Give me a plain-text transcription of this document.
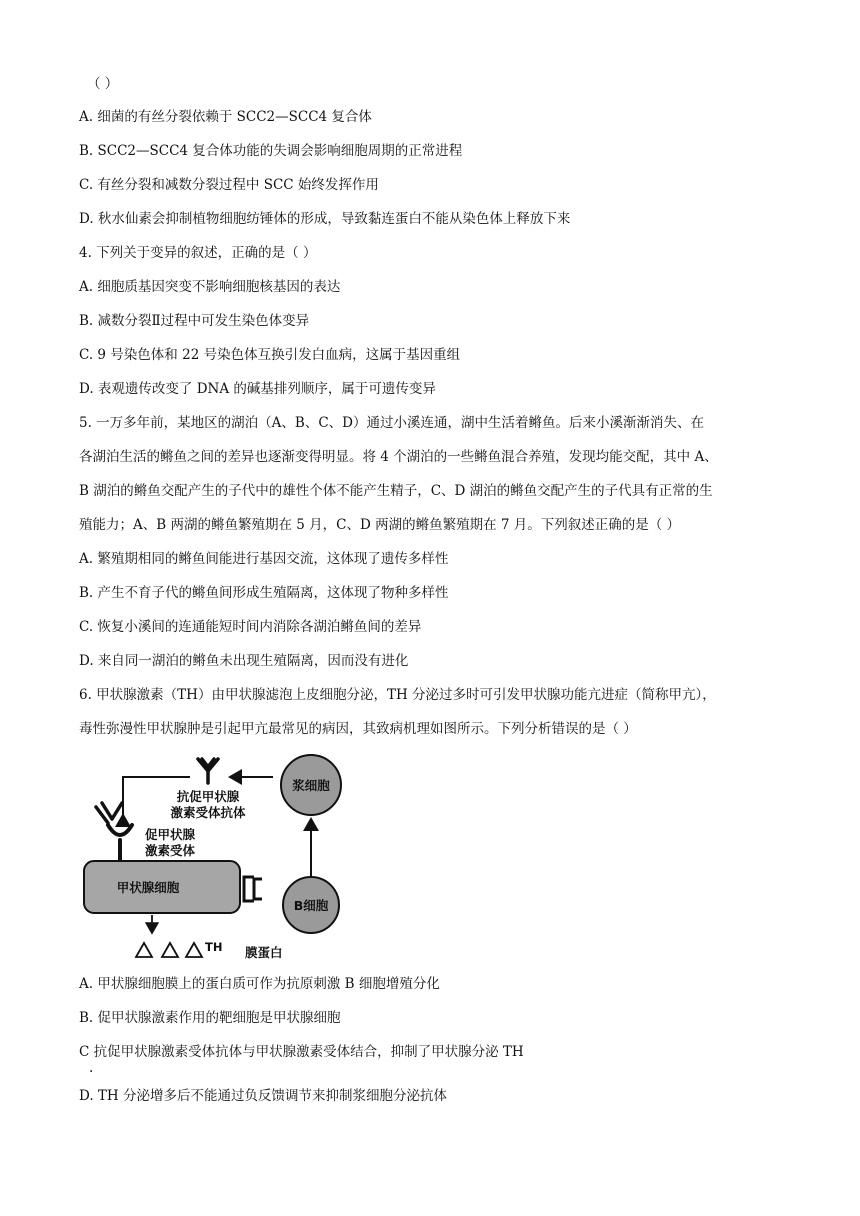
（ ）
A. 细菌的有丝分裂依赖于 SCC2—SCC4 复合体
B. SCC2—SCC4 复合体功能的失调会影响细胞周期的正常进程
C. 有丝分裂和减数分裂过程中 SCC 始终发挥作用
D. 秋水仙素会抑制植物细胞纺锤体的形成，导致黏连蛋白不能从染色体上释放下来
4. 下列关于变异的叙述，正确的是（ ）
A. 细胞质基因突变不影响细胞核基因的表达
B. 减数分裂Ⅱ过程中可发生染色体变异
C. 9 号染色体和 22 号染色体互换引发白血病，这属于基因重组
D. 表观遗传改变了 DNA 的碱基排列顺序，属于可遗传变异
5. 一万多年前，某地区的湖泊（A、B、C、D）通过小溪连通，湖中生活着鳉鱼。后来小溪渐渐消失、在
各湖泊生活的鳉鱼之间的差异也逐渐变得明显。将 4 个湖泊的一些鳉鱼混合养殖，发现均能交配，其中 A、
B 湖泊的鳉鱼交配产生的子代中的雄性个体不能产生精子，C、D 湖泊的鳉鱼交配产生的子代具有正常的生
殖能力；A、B 两湖的鳉鱼繁殖期在 5 月，C、D 两湖的鳉鱼繁殖期在 7 月。下列叙述正确的是（ ）
A. 繁殖期相同的鳉鱼间能进行基因交流，这体现了遗传多样性
B. 产生不育子代的鳉鱼间形成生殖隔离，这体现了物种多样性
C. 恢复小溪间的连通能短时间内消除各湖泊鳉鱼间的差异
D. 来自同一湖泊的鳉鱼未出现生殖隔离，因而没有进化
6. 甲状腺激素（TH）由甲状腺滤泡上皮细胞分泌，TH 分泌过多时可引发甲状腺功能亢进症（简称甲亢），
毒性弥漫性甲状腺肿是引起甲亢最常见的病因，其致病机理如图所示。下列分析错误的是（ ）
抗促甲状腺
激素受体抗体
浆细胞
促甲状腺
激素受体
甲状腺细胞
B细胞
TH 膜蛋白
A. 甲状腺细胞膜上的蛋白质可作为抗原刺激 B 细胞增殖分化
B. 促甲状腺激素作用的靶细胞是甲状腺细胞
C 抗促甲状腺激素受体抗体与甲状腺激素受体结合，抑制了甲状腺分泌 TH
.
D. TH 分泌增多后不能通过负反馈调节来抑制浆细胞分泌抗体
